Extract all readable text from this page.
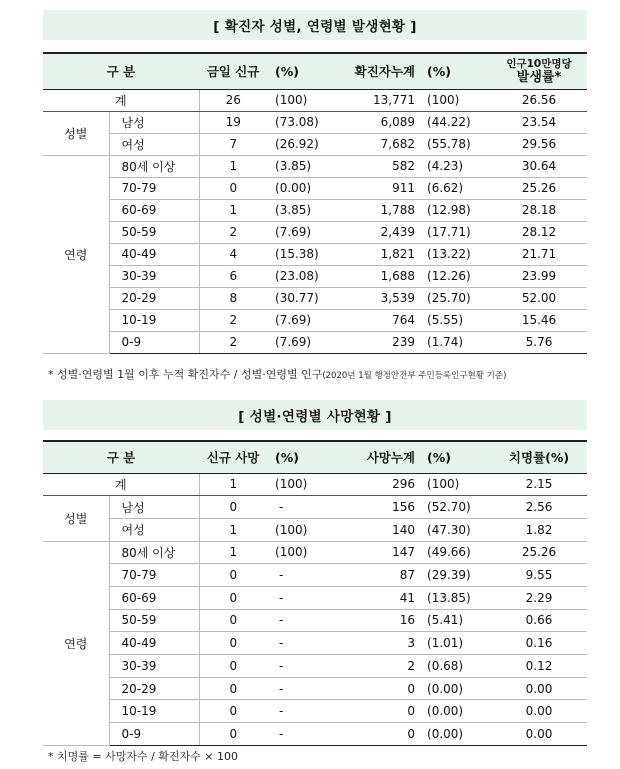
[ 확진자 성별, 연령별 발생현황 ]
구 분		금일 신규	(%)	확진자누계	(%)	인구10만명당
발생률*

계		26	(100)	13,771	(100)	26.56
성별	남성	19	(73.08)	6,089	(44.22)	23.54
	여성	7	(26.92)	7,682	(55.78)	29.56
연령	80세 이상	1	(3.85)	582	(4.23)	30.64
	70-79	0	(0.00)	911	(6.62)	25.26
	60-69	1	(3.85)	1,788	(12.98)	28.18
	50-59	2	(7.69)	2,439	(17.71)	28.12
	40-49	4	(15.38)	1,821	(13.22)	21.71
	30-39	6	(23.08)	1,688	(12.26)	23.99
	20-29	8	(30.77)	3,539	(25.70)	52.00
	10-19	2	(7.69)	764	(5.55)	15.46
	0-9	2	(7.69)	239	(1.74)	5.76
* 성별·연령별 1월 이후 누적 확진자수 / 성별·연령별 인구(2020년 1월 행정안전부 주민등록인구현황 기준)
[ 성별·연령별 사망현황 ]
구 분		신규 사망	(%)	사망누계	(%)	치명률(%)
계		1	(100)	296	(100)	2.15
성별	남성	0	-	156	(52.70)	2.56
	여성	1	(100)	140	(47.30)	1.82
연령	80세 이상	1	(100)	147	(49.66)	25.26
	70-79	0	-	87	(29.39)	9.55
	60-69	0	-	41	(13.85)	2.29
	50-59	0	-	16	(5.41)	0.66
	40-49	0	-	3	(1.01)	0.16
	30-39	0	-	2	(0.68)	0.12
	20-29	0	-	0	(0.00)	0.00
	10-19	0	-	0	(0.00)	0.00
	0-9	0	-	0	(0.00)	0.00
* 치명률 = 사망자수 / 확진자수 × 100
